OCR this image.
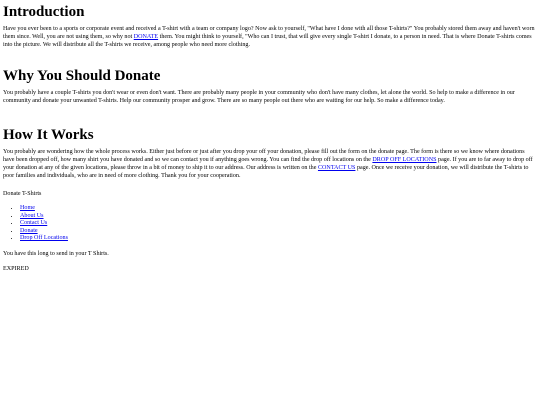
Introduction

Have you ever been to a sports or corporate event and received a T-shirt with a team or company logo? Now ask to yourself, "What have I done with all those T-shirts?" You probably stored them away and haven't worn them since. Well, you are not using them, so why not DONATE them. You might think to yourself, "Who can I trust, that will give every single T-shirt I donate, to a person in need. That is where Donate T-shirts comes into the picture. We will distribute all the T-shirts we receive, among people who need more clothing.

Why You Should Donate

You probably have a couple T-shirts you don't wear or even don't want. There are probably many people in your community who don't have many clothes, let alone the world. So help to make a difference in our community and donate your unwanted T-shirts. Help our community prosper and grow. There are so many people out there who are waiting for our help. So make a difference today.

How It Works

You probably are wondering how the whole process works. Either just before or just after you drop your off your donation, please fill out the form on the donate page. The form is there so we know where donations have been dropped off, how many shirt you have donated and so we can contact you if anything goes wrong. You can find the drop off locations on the DROP OFF LOCATIONS page. If you are to far away to drop off your donation at any of the given locations, please throw in a bit of money to ship it to our address. Our address is written on the CONTACT US page. Once we receive your donation, we will distribute the T-shirts to poor families and individuals, who are in need of more clothing. Thank you for your cooperation.

Donate T-Shirts

• Home
• About Us
• Contact Us
• Donate
• Drop Off Locations

You have this long to send in your T Shirts.

EXPIRED
